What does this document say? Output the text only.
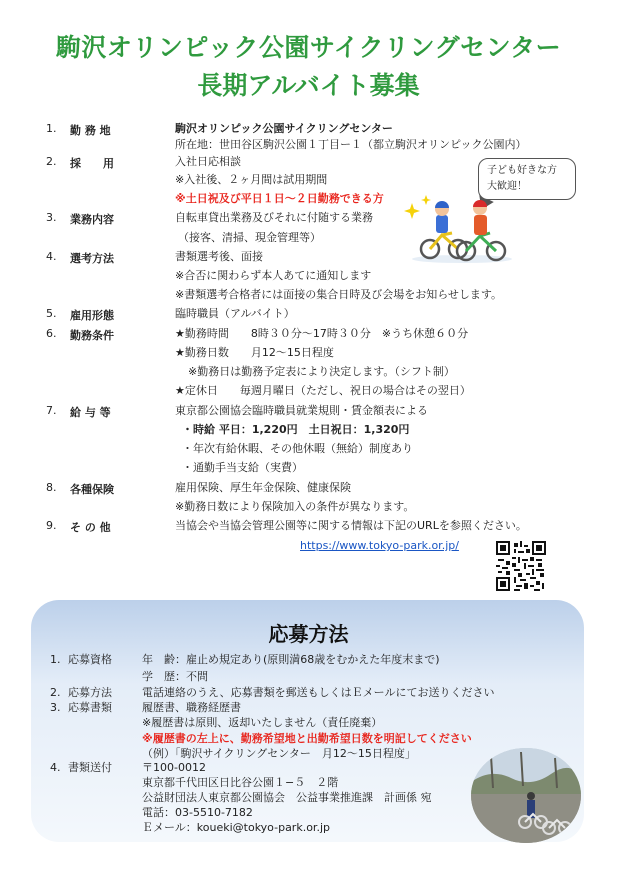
駒沢オリンピック公園サイクリングセンター
長期アルバイト募集
1. 勤 務 地	駒沢オリンピック公園サイクリングセンター
所在地：世田谷区駒沢公園１丁目ー１（都立駒沢オリンピック公園内）
2. 採　　用	入社日応相談
※入社後、２ヶ月間は試用期間
※土日祝及び平日１日～２日勤務できる方
3. 業務内容	自転車貸出業務及びそれに付随する業務
（接客、清掃、現金管理等）
4. 選考方法	書類選考後、面接
※合否に関わらず本人あてに通知します
※書類選考合格者には面接の集合日時及び会場をお知らせします。
5. 雇用形態	臨時職員（アルバイト）
6. 勤務条件	★勤務時間　　8時３０分～17時３０分　※うち休憩６０分
★勤務日数　　月12～15日程度
※勤務日は勤務予定表により決定します。（シフト制）
★定休日　　毎週月曜日（ただし、祝日の場合はその翌日）
7. 給 与 等	東京都公園協会臨時職員就業規則・賃金額表による
・時給 平日：1,220円　土日祝日：1,320円
・年次有給休暇、その他休暇（無給）制度あり
・通勤手当支給（実費）
8. 各種保険	雇用保険、厚生年金保険、健康保険
※勤務日数により保険加入の条件が異なります。
9. そ の 他	当協会や当協会管理公園等に関する情報は下記のURLを参照ください。
https://www.tokyo-park.or.jp/
子ども好きな方
大歓迎！
応募方法
1. 応募資格	年　齢：雇止め規定あり(原則満68歳をむかえた年度末まで)
学　歴：不問
2. 応募方法	電話連絡のうえ、応募書類を郵送もしくはＥメールにてお送りください
3. 応募書類	履歴書、職務経歴書
※履歴書は原則、返却いたしません（責任廃棄）
※履歴書の左上に、勤務希望地と出勤希望日数を明記してください
（例）「駒沢サイクリングセンター　月12～15日程度」
4. 書類送付	〒100-0012
東京都千代田区日比谷公園１−５　２階
公益財団法人東京都公園協会　公益事業推進課　計画係 宛
電話：03-5510-7182
Ｅメール：koueki@tokyo-park.or.jp
